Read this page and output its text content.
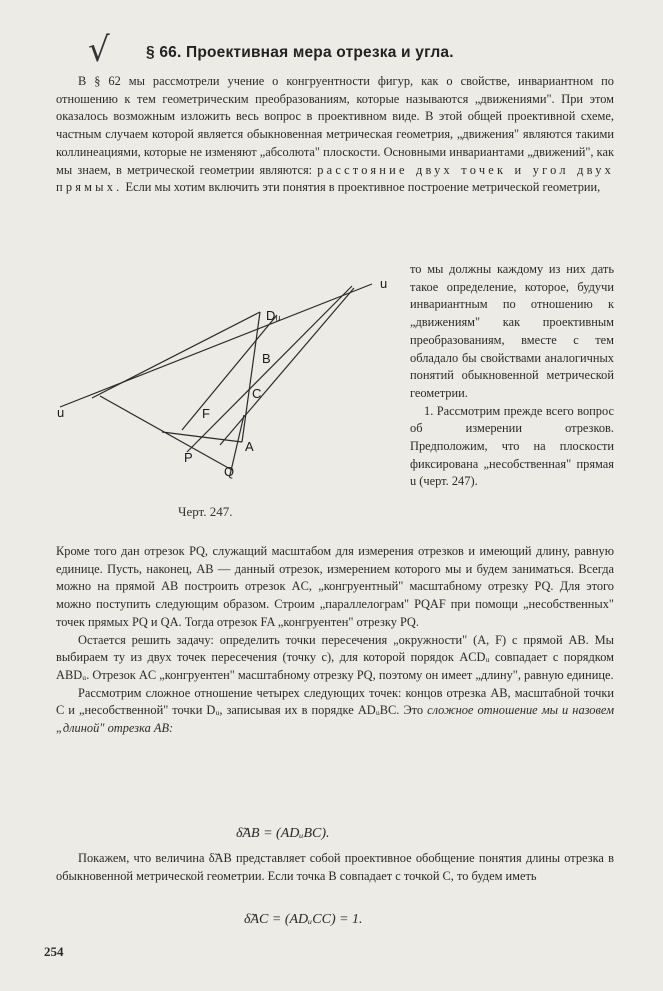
√ § 66. Проективная мера отрезка и угла.
В § 62 мы рассмотрели учение о конгруентности фигур, как о свойстве, инвариантном по отношению к тем геометрическим преобразованиям, которые называются „движениями". При этом оказалось возможным изложить весь вопрос в проективном виде. В этой общей проективной схеме, частным случаем которой является обыкновенная метрическая геометрия, „движения" являются такими коллинеациями, которые не изменяют „абсолюта" плоскости. Основными инвариантами „движений", как мы знаем, в метрической геометрии являются: расстояние двух точек и угол двух прямых. Если мы хотим включить эти понятия в проективное построение метрической геометрии,
u
u
Dᵤ
B
C
F
A
P
Q
Черт. 247.
то мы должны каждому из них дать такое определение, которое, будучи инвариантным по отношению к „движениям" как проективным преобразованиям, вместе с тем обладало бы свойствами аналогичных понятий обыкновенной метрической геометрии.
1. Рассмотрим прежде всего вопрос об измерении отрезков. Предположим, что на плоскости фиксирована „несобственная" прямая u (черт. 247).
Кроме того дан отрезок PQ, служащий масштабом для измерения отрезков и имеющий длину, равную единице. Пусть, наконец, AB — данный отрезок, измерением которого мы и будем заниматься. Всегда можно на прямой AB построить отрезок AC, „конгруентный" масштабному отрезку PQ. Для этого можно поступить следующим образом. Строим „параллелограм" PQAF при помощи „несобственных" точек прямых PQ и QA. Тогда отрезок FA „конгруентен" отрезку PQ.
Остается решить задачу: определить точки пересечения „окружности" (A, F) с прямой AB. Мы выбираем ту из двух точек пересечения (точку c), для которой порядок ACDᵤ совпадает с порядком ABDᵤ. Отрезок AC „конгруентен" масштабному отрезку PQ, поэтому он имеет „длину", равную единице.
Рассмотрим сложное отношение четырех следующих точек: концов отрезка AB, масштабной точки C и „несобственной" точки Dᵤ, записывая их в порядке ADᵤBC. Это сложное отношение мы и назовем „длиной" отрезка AB:
δ̃AB = (ADᵤBC).
Покажем, что величина δ̃AB представляет собой проективное обобщение понятия длины отрезка в обыкновенной метрической геометрии. Если точка B совпадает с точкой C, то будем иметь
δ̃AC = (ADᵤCC) = 1.
254
